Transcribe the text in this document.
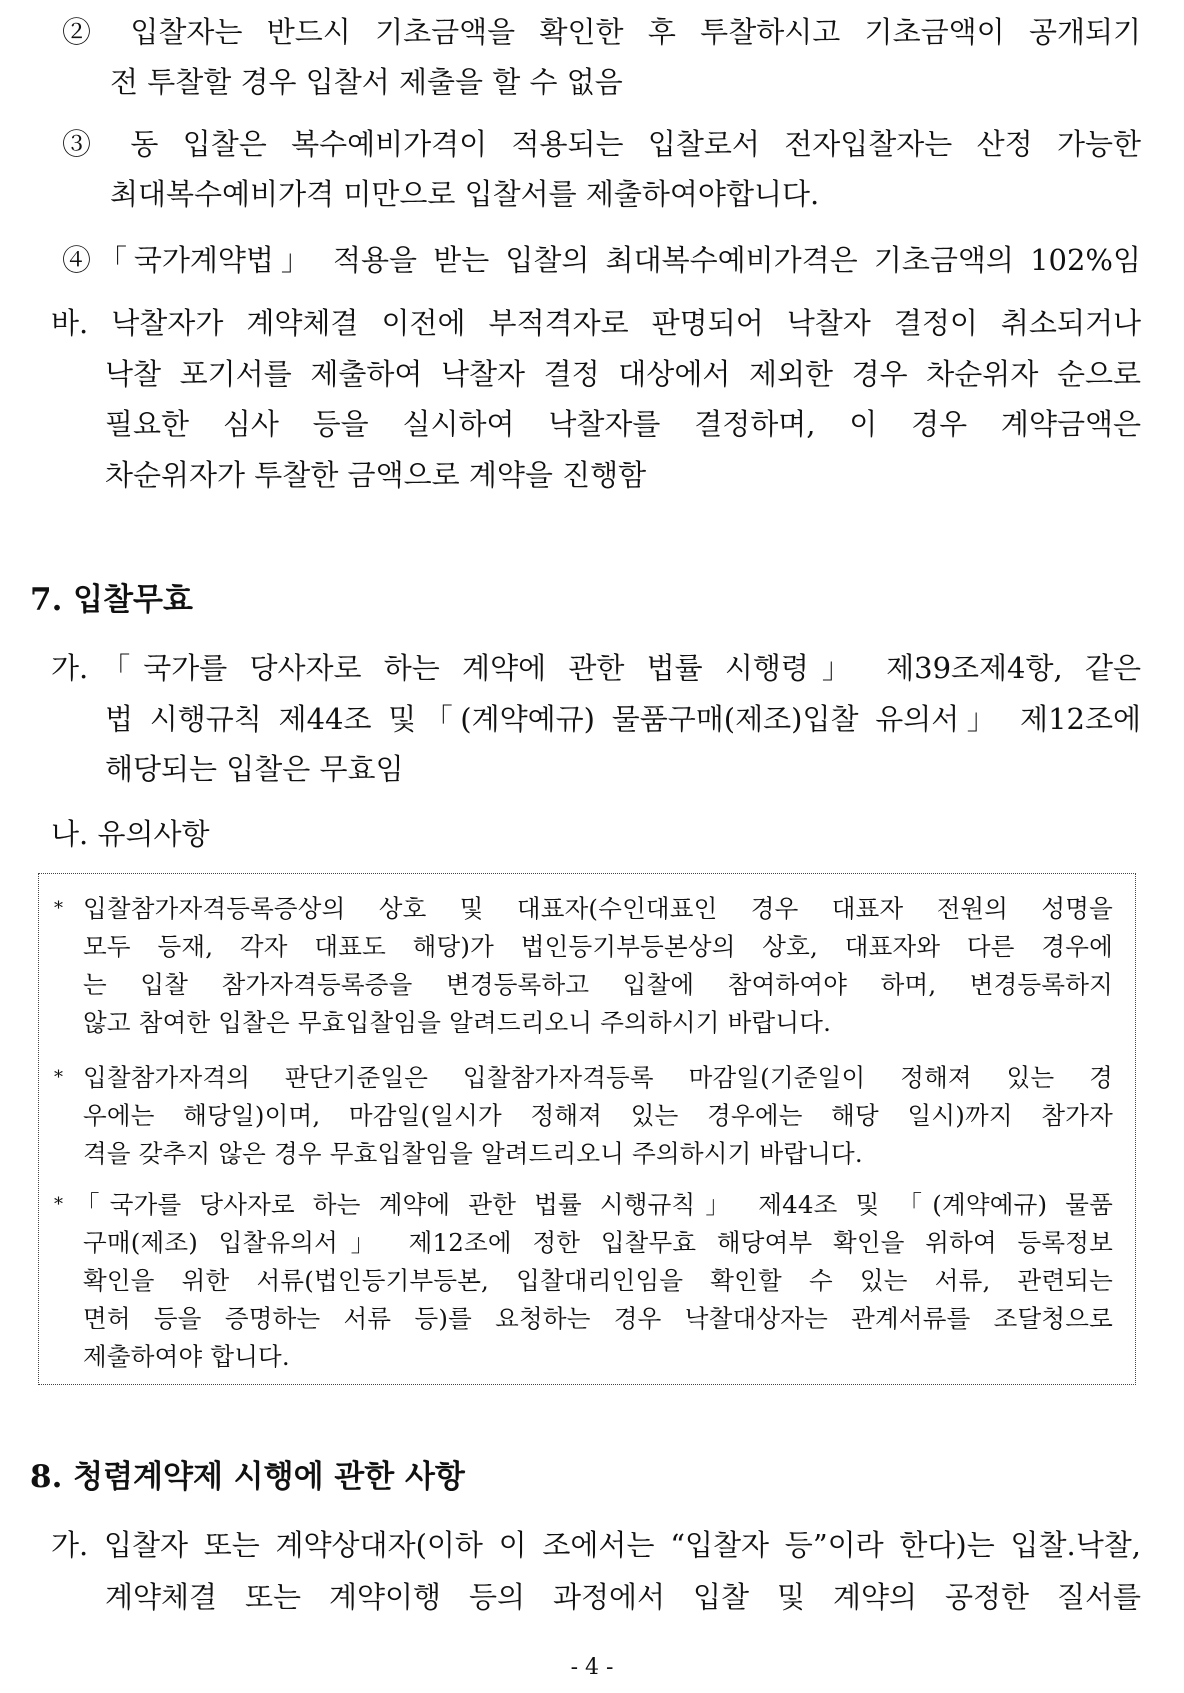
② 입찰자는 반드시 기초금액을 확인한 후 투찰하시고 기초금액이 공개되기
전 투찰할 경우 입찰서 제출을 할 수 없음
③ 동 입찰은 복수예비가격이 적용되는 입찰로서 전자입찰자는 산정 가능한
최대복수예비가격 미만으로 입찰서를 제출하여야합니다.
④「국가계약법」 적용을 받는 입찰의 최대복수예비가격은 기초금액의 102%임
바. 낙찰자가 계약체결 이전에 부적격자로 판명되어 낙찰자 결정이 취소되거나
낙찰 포기서를 제출하여 낙찰자 결정 대상에서 제외한 경우 차순위자 순으로
필요한 심사 등을 실시하여 낙찰자를 결정하며, 이 경우 계약금액은
차순위자가 투찰한 금액으로 계약을 진행함
7. 입찰무효
가.「국가를 당사자로 하는 계약에 관한 법률 시행령」 제39조제4항, 같은
법 시행규칙 제44조 및「(계약예규) 물품구매(제조)입찰 유의서」 제12조에
해당되는 입찰은 무효임
나. 유의사항
* 입찰참가자격등록증상의 상호 및 대표자(수인대표인 경우 대표자 전원의 성명을
모두 등재, 각자 대표도 해당)가 법인등기부등본상의 상호, 대표자와 다른 경우에
는 입찰 참가자격등록증을 변경등록하고 입찰에 참여하여야 하며, 변경등록하지
않고 참여한 입찰은 무효입찰임을 알려드리오니 주의하시기 바랍니다.
* 입찰참가자격의 판단기준일은 입찰참가자격등록 마감일(기준일이 정해져 있는 경
우에는 해당일)이며, 마감일(일시가 정해져 있는 경우에는 해당 일시)까지 참가자
격을 갖추지 않은 경우 무효입찰임을 알려드리오니 주의하시기 바랍니다.
* 「국가를 당사자로 하는 계약에 관한 법률 시행규칙」 제44조 및 「(계약예규) 물품
구매(제조) 입찰유의서」 제12조에 정한 입찰무효 해당여부 확인을 위하여 등록정보
확인을 위한 서류(법인등기부등본, 입찰대리인임을 확인할 수 있는 서류, 관련되는
면허 등을 증명하는 서류 등)를 요청하는 경우 낙찰대상자는 관계서류를 조달청으로
제출하여야 합니다.
8. 청렴계약제 시행에 관한 사항
가. 입찰자 또는 계약상대자(이하 이 조에서는 “입찰자 등”이라 한다)는 입찰.낙찰,
계약체결 또는 계약이행 등의 과정에서 입찰 및 계약의 공정한 질서를
- 4 -
